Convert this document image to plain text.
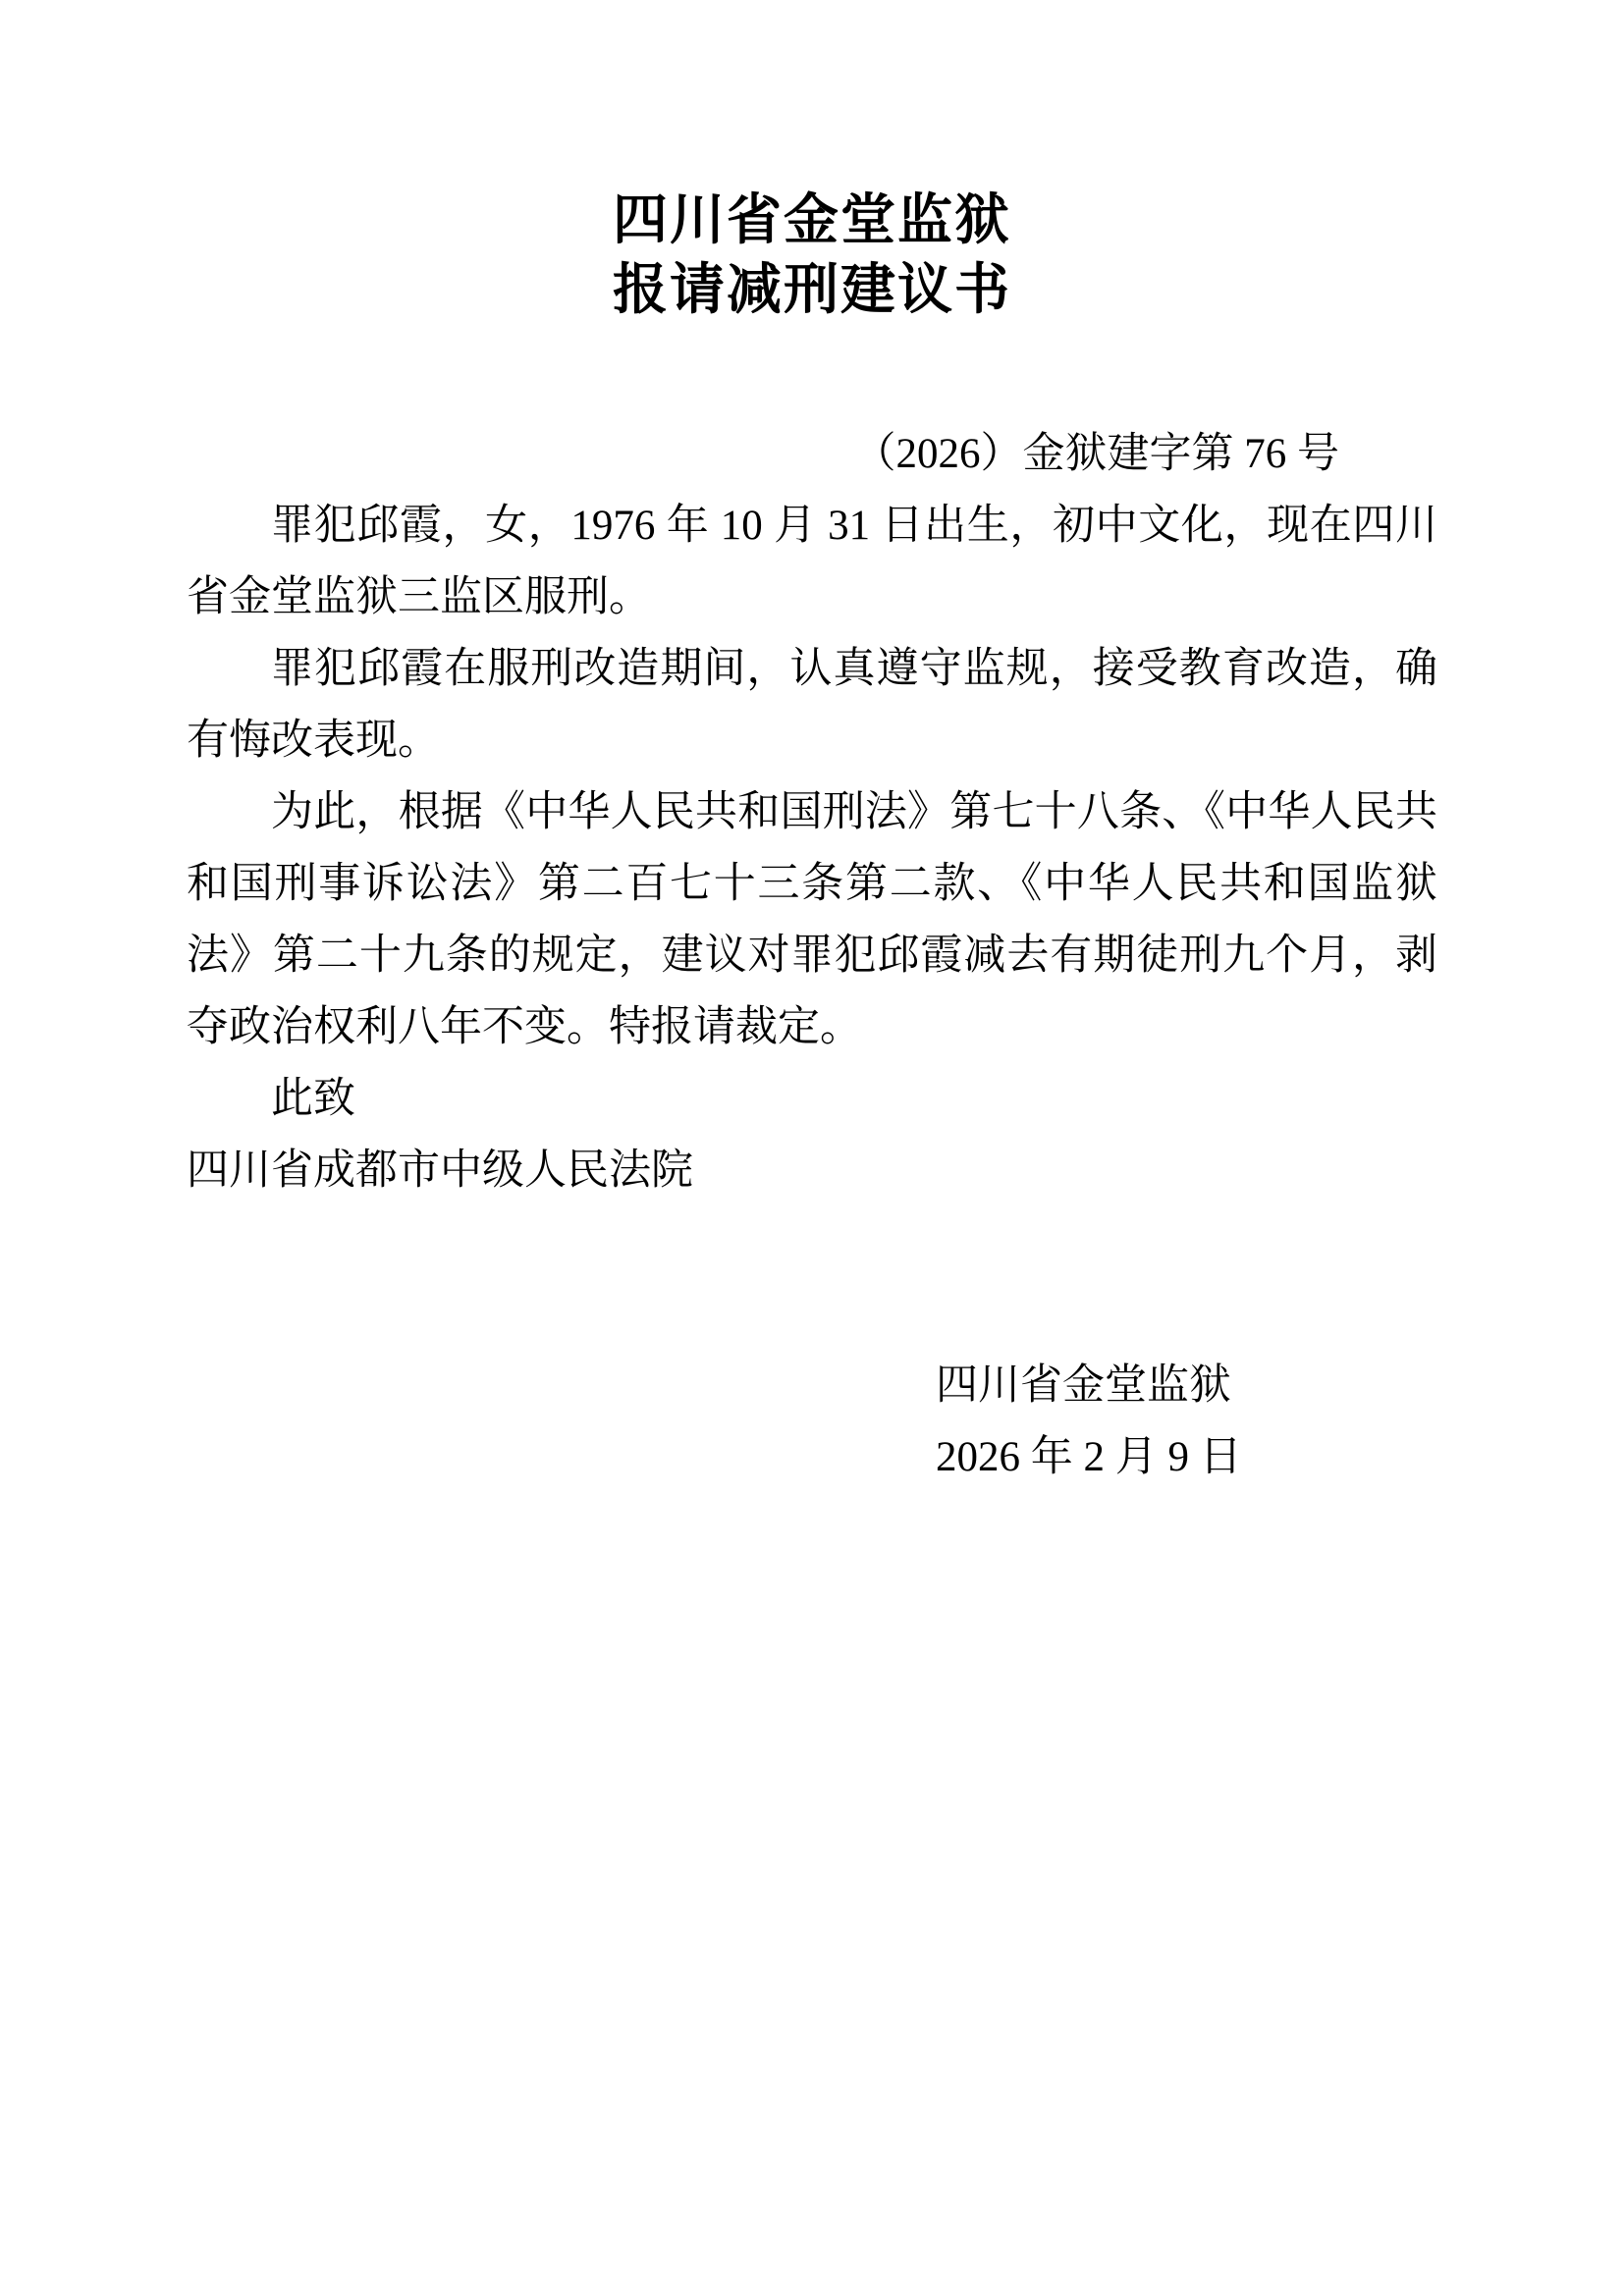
四川省金堂监狱
报请减刑建议书
（2026）金狱建字第 76 号

罪犯邱霞，女，1976 年 10 月 31 日出生，初中文化，现在四川省金堂监狱三监区服刑。

罪犯邱霞在服刑改造期间，认真遵守监规，接受教育改造，确有悔改表现。

为此，根据《中华人民共和国刑法》第七十八条、《中华人民共和国刑事诉讼法》第二百七十三条第二款、《中华人民共和国监狱法》第二十九条的规定，建议对罪犯邱霞减去有期徒刑九个月，剥夺政治权利八年不变。特报请裁定。

此致

四川省成都市中级人民法院

四川省金堂监狱

2026 年 2 月 9 日
